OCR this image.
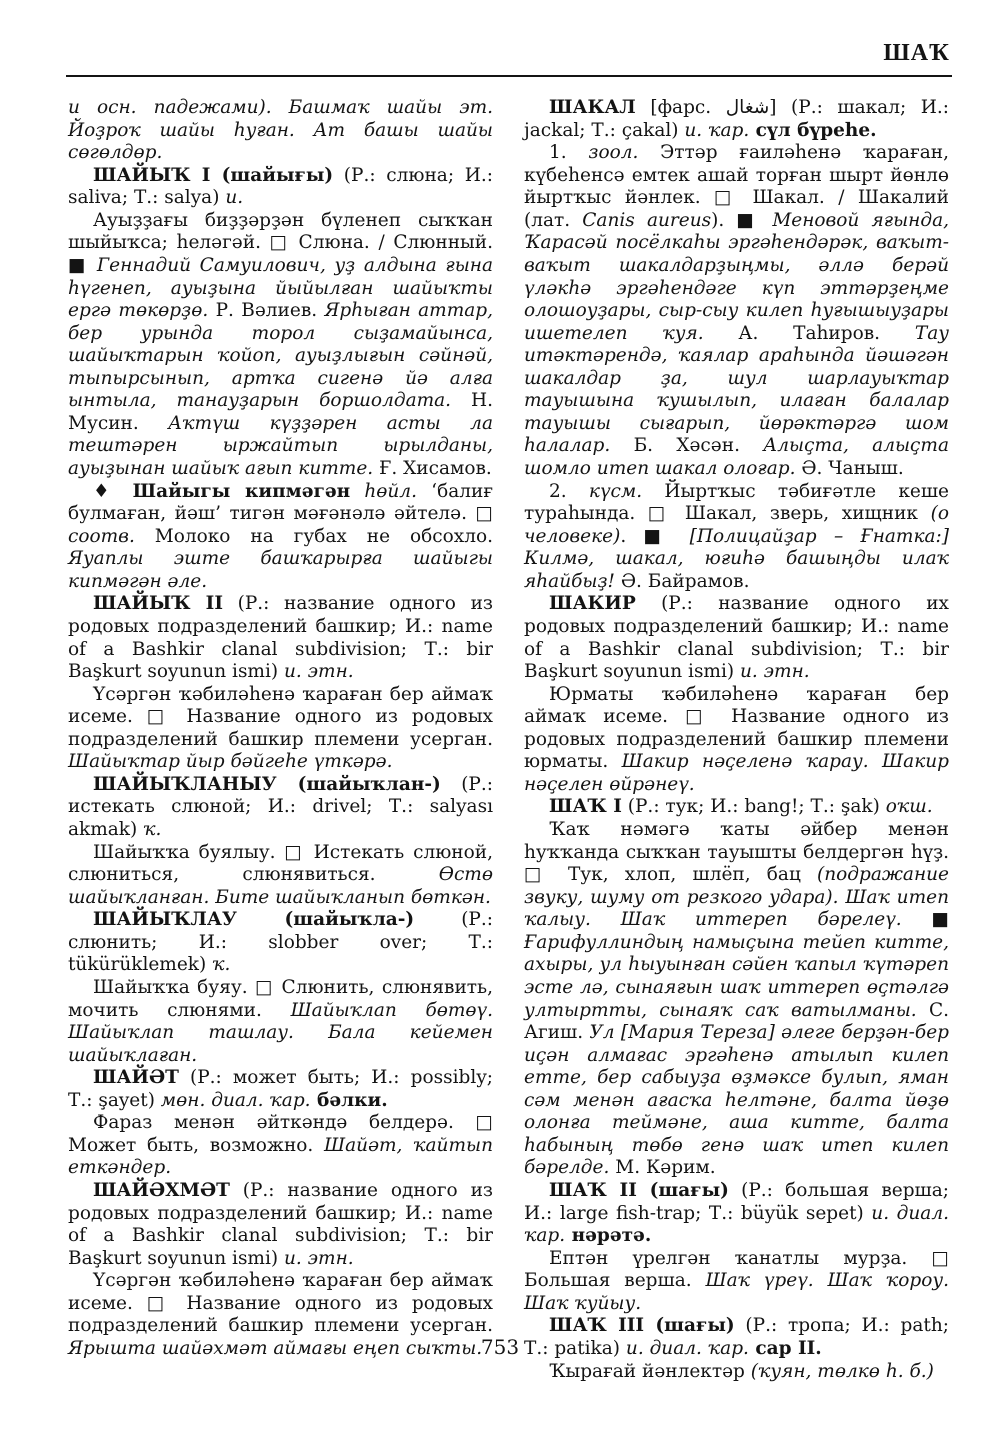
ШАҠ

и осн. падежами). Башмаҡ шайы эт. Йоҙроҡ шайы һуған. Ат башы шайы сөгөлдөр.

ШАЙЫҠ I (шайығы) (Р.: слюна; И.: saliva; Т.: salya) и.

Ауыҙҙағы биҙҙәрҙән бүленеп сыҡҡан шыйыҡса; һеләгәй. □ Слюна. / Слюнный. ■ Геннадий Самуилович, уҙ алдына ғына һүгенеп, ауыҙына йыйылған шайыҡты ергә төкөрҙө. Р. Вәлиев. Ярһыған аттар, бер урында торол сыҙамайынса, шайыҡтарын ҡойоп, ауыҙлығын сәйнәй, тыпырсынып, артҡа сигенә йә алға ынтыла, танауҙарын боршолдата. Н. Мусин. Аҡтүш күҙҙәрен асты ла тештәрен ыржайтып ырылданы, ауыҙынан шайыҡ ағып китте. Ғ. Хисамов.

♦ Шайыгы кипмәгән һөйл. ‘балиғ булмаған, йәш’ тигән мәғәнәлә әйтелә. □ соотв. Молоко на губах не обсохло. Яуаплы эште башҡарырға шайыгы кипмәгән әле.

ШАЙЫҠ II (Р.: название одного из родовых подразделений башкир; И.: name of a Bashkir clanal subdivision; Т.: bir Başkurt soyunun ismi) и. этн.

Үсәргән ҡәбиләһенә ҡараған бер аймаҡ исеме. □ Название одного из родовых подразделений башкир племени усерган. Шайыҡтар йыр бәйгеһе үткәрә.

ШАЙЫҠЛАНЫУ (шайыҡлан-) (Р.: истекать слюной; И.: drivel; Т.: salyası akmak) ҡ.

Шайыҡҡа буялыу. □ Истекать слюной, слюниться, слюнявиться. Өстө шайыҡланған. Бите шайыҡланып бөткән.

ШАЙЫҠЛАУ (шайыҡла-) (Р.: слюнить; И.: slobber over; Т.: tükürüklemek) ҡ.

Шайыҡҡа буяу. □ Слюнить, слюнявить, мочить слюнями. Шайыҡлап бөтөү. Шайыҡлап ташлау. Бала кейемен шайыҡлаған.

ШАЙӘТ (Р.: может быть; И.: possibly; Т.: şayet) мөн. диал. ҡар. бәлки.

Фараз менән әйткәндә белдерә. □ Может быть, возможно. Шайәт, ҡайтып еткәндер.

ШАЙӘХМӘТ (Р.: название одного из родовых подразделений башкир; И.: name of a Bashkir clanal subdivision; Т.: bir Başkurt soyunun ismi) и. этн.

Үсәргән ҡәбиләһенә ҡараған бер аймаҡ исеме. □ Название одного из родовых подразделений башкир племени усерган. Ярышта шайәхмәт аймағы еңеп сыҡты.

ШАКАЛ [фарс. شغال] (Р.: шакал; И.: jackal; Т.: çakal) и. ҡар. сүл бүреһе.

1. зоол. Эттәр ғаиләһенә ҡараған, күбеһенсә емтек ашай торған шырт йөнлө йыртҡыс йәнлек. □ Шакал. / Шакалий (лат. Canis aureus). ■ Меновой яғында, Ҡарасәй посёлкаһы эргәһендәрәк, ваҡыт-ваҡыт шакалдарҙыңмы, әллә берәй үләкһә эргәһендәге күп эттәрҙеңме олошоуҙары, сыр-сыу килеп һуғышыуҙары ишетелеп ҡуя. А. Таһиров. Тау итәктәрендә, ҡаялар араһында йәшәгән шакалдар ҙа, шул шарлауыҡтар тауышына ҡушылып, илаған балалар тауышы сығарып, йөрәктәргә шом һалалар. Б. Хәсән. Алыҫта, алыҫта шомло итеп шакал олоғар. Ә. Чаныш.

2. күсм. Йыртҡыс тәбиғәтле кеше тураһында. □ Шакал, зверь, хищник (о человеке). ■ [Полицайҙар – Ғнатка:] Килмә, шакал, юғиһә башыңды илаҡ яһайбыҙ! Ә. Байрамов.

ШАКИР (Р.: название одного их родовых подразделений башкир; И.: name of a Bashkir clanal subdivision; Т.: bir Başkurt soyunun ismi) и. этн.

Юрматы ҡәбиләһенә ҡараған бер аймаҡ исеме. □ Название одного из родовых подразделений башкир племени юрматы. Шакир нәҫеленә ҡарау. Шакир нәҫелен өйрәнеү.

ШАҠ I (Р.: тук; И.: bang!; Т.: şak) оҡш.

Ҡаҡ нәмәгә ҡаты әйбер менән һуҡҡанда сыҡҡан тауышты белдергән һүҙ. □ Тук, хлоп, шлёп, бац (подражание звуку, шуму от резкого удара). Шаҡ итеп ҡалыу. Шаҡ иттереп бәрелеү. ■ Ғарифуллиндың намыҫына тейеп китте, ахыры, ул һыуынған сәйен ҡапыл ҡүтәреп эсте лә, сынаяғын шаҡ иттереп өҫтәлгә ултыртты, сынаяҡ саҡ ватылманы. С. Агиш. Ул [Мария Тереза] әлеге берҙән-бер иҫән алмағас эргәһенә атылып килеп етте, бер сабыуҙа өҙмәксе булып, яман сәм менән ағасҡа һелтәне, балта йөҙө олонға теймәне, аша китте, балта һабының төбө генә шаҡ итеп килеп бәрелде. М. Кәрим.

ШАҠ II (шағы) (Р.: большая верша; И.: large fish-trap; Т.: büyük sepet) и. диал. ҡар. нәрәтә.

Ептән үрелгән ҡанатлы мурҙа. □ Большая верша. Шаҡ үреү. Шаҡ ҡороу. Шаҡ ҡуйыу.

ШАҠ III (шағы) (Р.: тропа; И.: path; Т.: patika) и. диал. ҡар. сар II.

Ҡырағай йәнлектәр (ҡуян, төлкө һ. б.)

753
